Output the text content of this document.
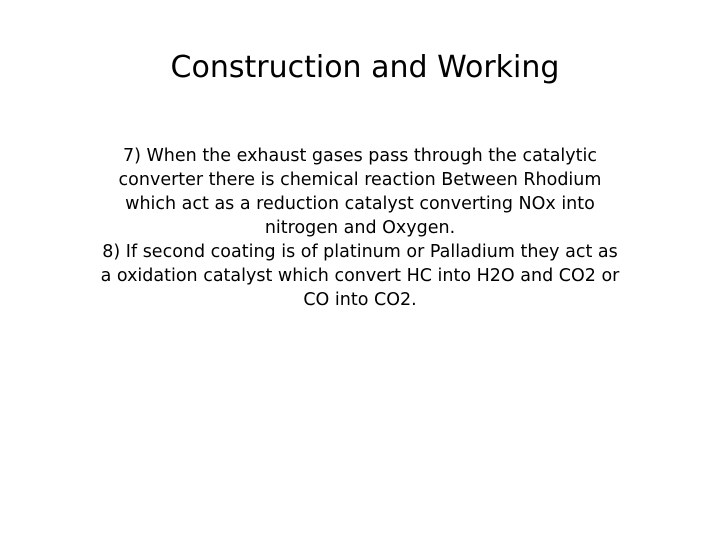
Construction and Working
7) When the exhaust gases pass through the catalytic
converter there is chemical reaction Between Rhodium
which act as a reduction catalyst converting NOx into
nitrogen and Oxygen.
8) If second coating is of platinum or Palladium they act as
a oxidation catalyst which convert HC into H2O and CO2 or
CO into CO2.
